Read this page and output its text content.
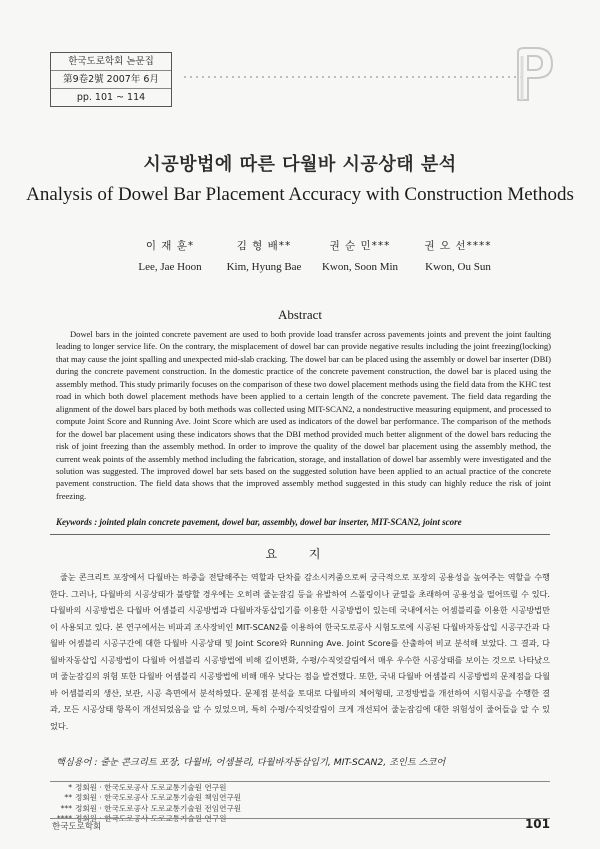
한국도로학회 논문집
第9卷2號 2007年 6月
pp. 101 ~ 114
시공방법에 따른 다월바 시공상태 분석
Analysis of Dowel Bar Placement Accuracy with Construction Methods
이 재 훈*
Lee, Jae Hoon
김 형 배**
Kim, Hyung Bae
권 순 민***
Kwon, Soon Min
권 오 선****
Kwon, Ou Sun
Abstract
Dowel bars in the jointed concrete pavement are used to both provide load transfer across pavements joints and prevent the joint faulting leading to longer service life. On the contrary, the misplacement of dowel bar can provide negative results including the joint freezing(locking) that may cause the joint spalling and unexpected mid-slab cracking. The dowel bar can be placed using the assembly or dowel bar inserter (DBI) during the concrete pavement construction. In the domestic practice of the concrete pavement construction, the dowel bar is placed using the assembly method. This study primarily focuses on the comparison of these two dowel placement methods using the field data from the KHC test road in which both dowel placement methods have been applied to a certain length of the concrete pavement. The field data regarding the alignment of the dowel bars placed by both methods was collected using MIT-SCAN2, a nondestructive measuring equipment, and processed to compute Joint Score and Running Ave. Joint Score which are used as indicators of the dowel bar performance. The comparison of the methods for the dowel bar placement using these indicators shows that the DBI method provided much better alignment of the dowel bars reducing the risk of joint freezing than the assembly method. In order to improve the quality of the dowel bar placement using the assembly method, the current weak points of the assembly method including the fabrication, storage, and installation of dowel bar assembly were investigated and the solution was suggested. The improved dowel bar sets based on the suggested solution have been applied to an actual practice of the concrete pavement construction. The field data shows that the improved assembly method suggested in this study can highly reduce the risk of joint freezing.
Keywords : jointed plain concrete pavement, dowel bar, assembly, dowel bar inserter, MIT-SCAN2, joint score
요 지
줄눈 콘크리트 포장에서 다월바는 하중을 전달해주는 역할과 단차를 감소시켜줌으로써 궁극적으로 포장의 공용성을 높여주는 역할을 수행한다. 그러나, 다월바의 시공상태가 불량할 경우에는 오히려 줄눈잠김 등을 유발하여 스폴링이나 균열을 초래하여 공용성을 떨어뜨릴 수 있다. 다월바의 시공방법은 다월바 어셈블리 시공방법과 다월바자동삽입기를 이용한 시공방법이 있는데 국내에서는 어셈블리를 이용한 시공방법만이 사용되고 있다. 본 연구에서는 비파괴 조사장비인 MIT-SCAN2를 이용하여 한국도로공사 시험도로에 시공된 다월바자동삽입 시공구간과 다월바 어셈블리 시공구간에 대한 다월바 시공상태 및 Joint Score와 Running Ave. Joint Score를 산출하여 비교 분석해 보았다. 그 결과, 다월바자동삽입 시공방법이 다월바 어셈블리 시공방법에 비해 깊이변화, 수평/수직엇갈림에서 매우 우수한 시공상태를 보이는 것으로 나타났으며 줄눈잠김의 위험 또한 다월바 어셈블리 시공방법에 비해 매우 낮다는 점을 발견했다. 또한, 국내 다월바 어셈블리 시공방법의 문제점을 다월바 어셈블리의 생산, 보관, 시공 측면에서 분석하였다. 문제점 분석을 토대로 다월바의 체어형태, 고정방법을 개선하여 시험시공을 수행한 결과, 모든 시공상태 항목이 개선되었음을 알 수 있었으며, 특히 수평/수직엇갈림이 크게 개선되어 줄눈잠김에 대한 위험성이 줄어들을 알 수 있었다.
핵심용어 : 줄눈 콘크리트 포장, 다월바, 어셈블리, 다월바자동삽입기, MIT-SCAN2, 조인트 스코어
* 정회원 · 한국도로공사 도로교통기술원 연구원
** 정회원 · 한국도로공사 도로교통기술원 책임연구원
*** 정회원 · 한국도로공사 도로교통기술원 전임연구원
**** 정회원 · 한국도로공사 도로교통기술원 연구원
한국도로학회	101
